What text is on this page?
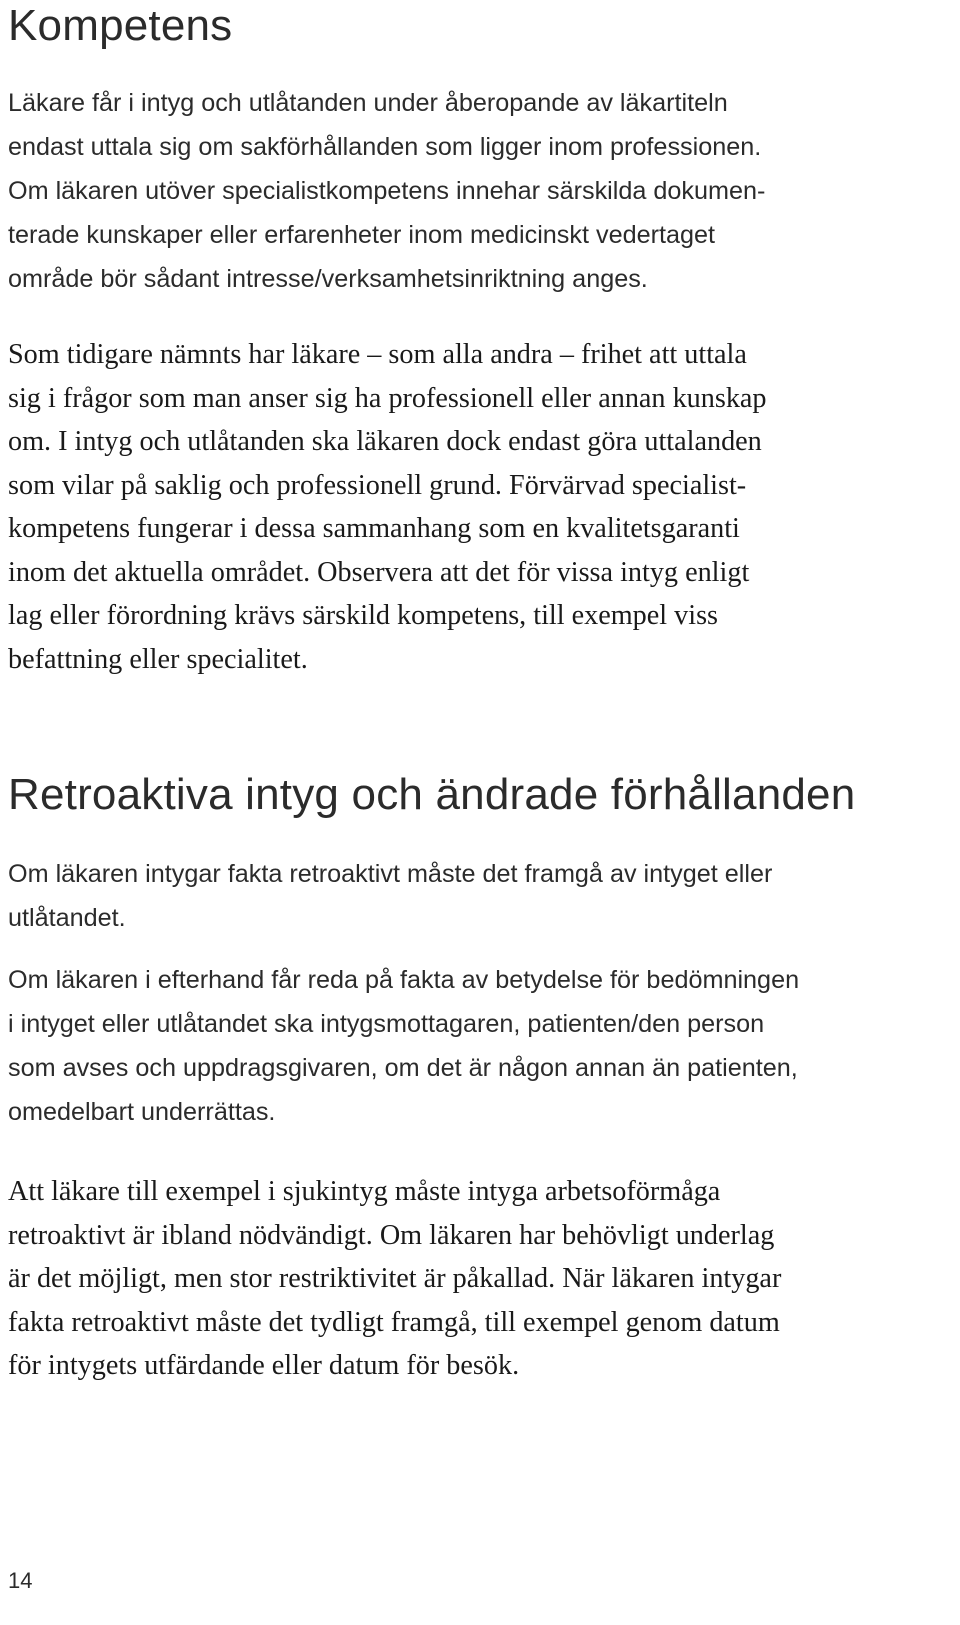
Kompetens

Läkare får i intyg och utlåtanden under åberopande av läkartiteln
endast uttala sig om sakförhållanden som ligger inom professionen.
Om läkaren utöver specialistkompetens innehar särskilda dokumen-
terade kunskaper eller erfarenheter inom medicinskt vedertaget
område bör sådant intresse/verksamhetsinriktning anges.

Som tidigare nämnts har läkare – som alla andra – frihet att uttala
sig i frågor som man anser sig ha professionell eller annan kunskap
om. I intyg och utlåtanden ska läkaren dock endast göra uttalanden
som vilar på saklig och professionell grund. Förvärvad specialist-
kompetens fungerar i dessa sammanhang som en kvalitetsgaranti
inom det aktuella området. Observera att det för vissa intyg enligt
lag eller förordning krävs särskild kompetens, till exempel viss
befattning eller specialitet.

Retroaktiva intyg och ändrade förhållanden

Om läkaren intygar fakta retroaktivt måste det framgå av intyget eller
utlåtandet.

Om läkaren i efterhand får reda på fakta av betydelse för bedömningen
i intyget eller utlåtandet ska intygsmottagaren, patienten/den person
som avses och uppdragsgivaren, om det är någon annan än patienten,
omedelbart underrättas.

Att läkare till exempel i sjukintyg måste intyga arbetsoförmåga
retroaktivt är ibland nödvändigt. Om läkaren har behövligt underlag
är det möjligt, men stor restriktivitet är påkallad. När läkaren intygar
fakta retroaktivt måste det tydligt framgå, till exempel genom datum
för intygets utfärdande eller datum för besök.

14
